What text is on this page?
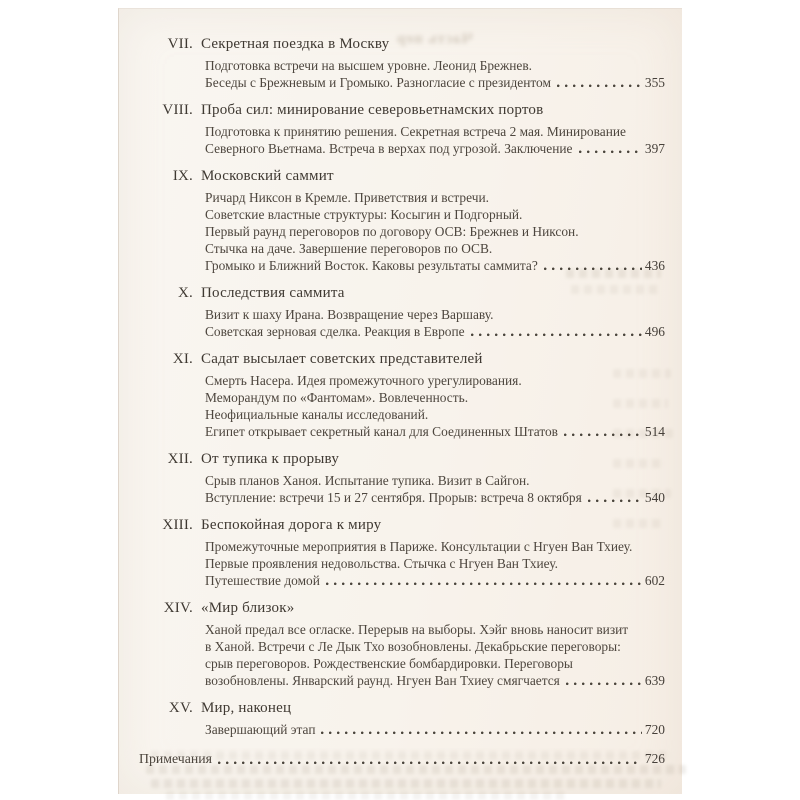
Часть пер
VII. Секретная поездка в Москву
Подготовка встречи на высшем уровне. Леонид Брежнев.
Беседы с Брежневым и Громыко. Разногласие с президентом	355
VIII. Проба сил: минирование северовьетнамских портов
Подготовка к принятию решения. Секретная встреча 2 мая. Минирование
Северного Вьетнама. Встреча в верхах под угрозой. Заключение	397
IX. Московский саммит
Ричард Никсон в Кремле. Приветствия и встречи.
Советские властные структуры: Косыгин и Подгорный.
Первый раунд переговоров по договору ОСВ: Брежнев и Никсон.
Стычка на даче. Завершение переговоров по ОСВ.
Громыко и Ближний Восток. Каковы результаты саммита?	436
X. Последствия саммита
Визит к шаху Ирана. Возвращение через Варшаву.
Советская зерновая сделка. Реакция в Европе	496
XI. Садат высылает советских представителей
Смерть Насера. Идея промежуточного урегулирования.
Меморандум по «Фантомам». Вовлеченность.
Неофициальные каналы исследований.
Египет открывает секретный канал для Соединенных Штатов	514
XII. От тупика к прорыву
Срыв планов Ханоя. Испытание тупика. Визит в Сайгон.
Вступление: встречи 15 и 27 сентября. Прорыв: встреча 8 октября	540
XIII. Беспокойная дорога к миру
Промежуточные мероприятия в Париже. Консультации с Нгуен Ван Тхиеу.
Первые проявления недовольства. Стычка с Нгуен Ван Тхиеу.
Путешествие домой	602
XIV. «Мир близок»
Ханой предал все огласке. Перерыв на выборы. Хэйг вновь наносит визит
в Ханой. Встречи с Ле Дык Тхо возобновлены. Декабрьские переговоры:
срыв переговоров. Рождественские бомбардировки. Переговоры
возобновлены. Январский раунд. Нгуен Ван Тхиеу смягчается	639
XV. Мир, наконец
Завершающий этап	720
Примечания	726
